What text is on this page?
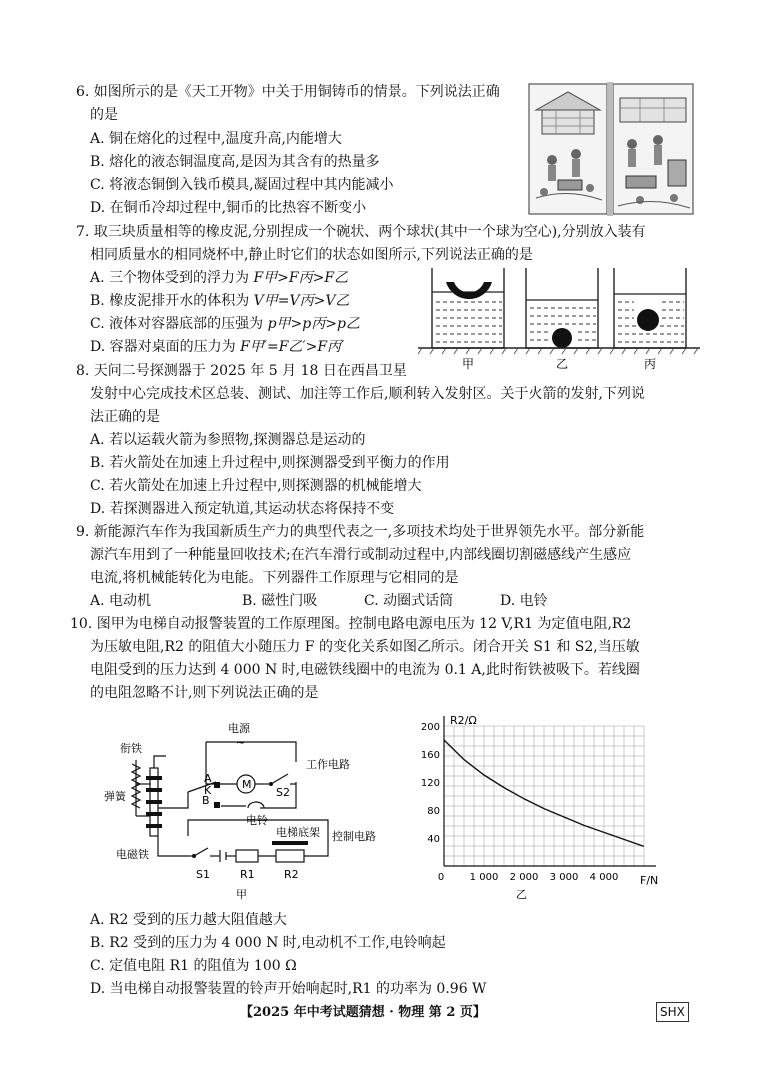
6. 如图所示的是《天工开物》中关于用铜铸币的情景。下列说法正确
的是
A. 铜在熔化的过程中,温度升高,内能增大
B. 熔化的液态铜温度高,是因为其含有的热量多
C. 将液态铜倒入钱币模具,凝固过程中其内能减小
D. 在铜币冷却过程中,铜币的比热容不断变小
7. 取三块质量相等的橡皮泥,分别捏成一个碗状、两个球状(其中一个球为空心),分别放入装有
相同质量水的相同烧杯中,静止时它们的状态如图所示,下列说法正确的是
A. 三个物体受到的浮力为 F甲>F丙>F乙
B. 橡皮泥排开水的体积为 V甲=V丙>V乙
C. 液体对容器底部的压强为 p甲>p丙>p乙
D. 容器对桌面的压力为 F甲′=F乙′>F丙′
甲	乙	丙
8. 天问二号探测器于 2025 年 5 月 18 日在西昌卫星
发射中心完成技术区总装、测试、加注等工作后,顺利转入发射区。关于火箭的发射,下列说
法正确的是
A. 若以运载火箭为参照物,探测器总是运动的
B. 若火箭处在加速上升过程中,则探测器受到平衡力的作用
C. 若火箭处在加速上升过程中,则探测器的机械能增大
D. 若探测器进入预定轨道,其运动状态将保持不变
9. 新能源汽车作为我国新质生产力的典型代表之一,多项技术均处于世界领先水平。部分新能
源汽车用到了一种能量回收技术;在汽车滑行或制动过程中,内部线圈切割磁感线产生感应
电流,将机械能转化为电能。下列器件工作原理与它相同的是
A. 电动机	B. 磁性门吸	C. 动圈式话筒	D. 电铃
10. 图甲为电梯自动报警装置的工作原理图。控制电路电源电压为 12 V,R1 为定值电阻,R2
为压敏电阻,R2 的阻值大小随压力 F 的变化关系如图乙所示。闭合开关 S1 和 S2,当压敏
电阻受到的压力达到 4 000 N 时,电磁铁线圈中的电流为 0.1 A,此时衔铁被吸下。若线圈
的电阻忽略不计,则下列说法正确的是
电源
~
工作电路
衔铁
弹簧
电磁铁
电铃
M
A
B
K	S2
S1	R1	R2
电梯底架 控制电路
甲
1 000 2 000 3 000 4 000
40
80
120
160
200
R2/Ω
F/N
0
乙
A. R2 受到的压力越大阻值越大
B. R2 受到的压力为 4 000 N 时,电动机不工作,电铃响起
C. 定值电阻 R1 的阻值为 100 Ω
D. 当电梯自动报警装置的铃声开始响起时,R1 的功率为 0.96 W
【2025 年中考试题猜想 · 物理 第 2 页】	SHX
